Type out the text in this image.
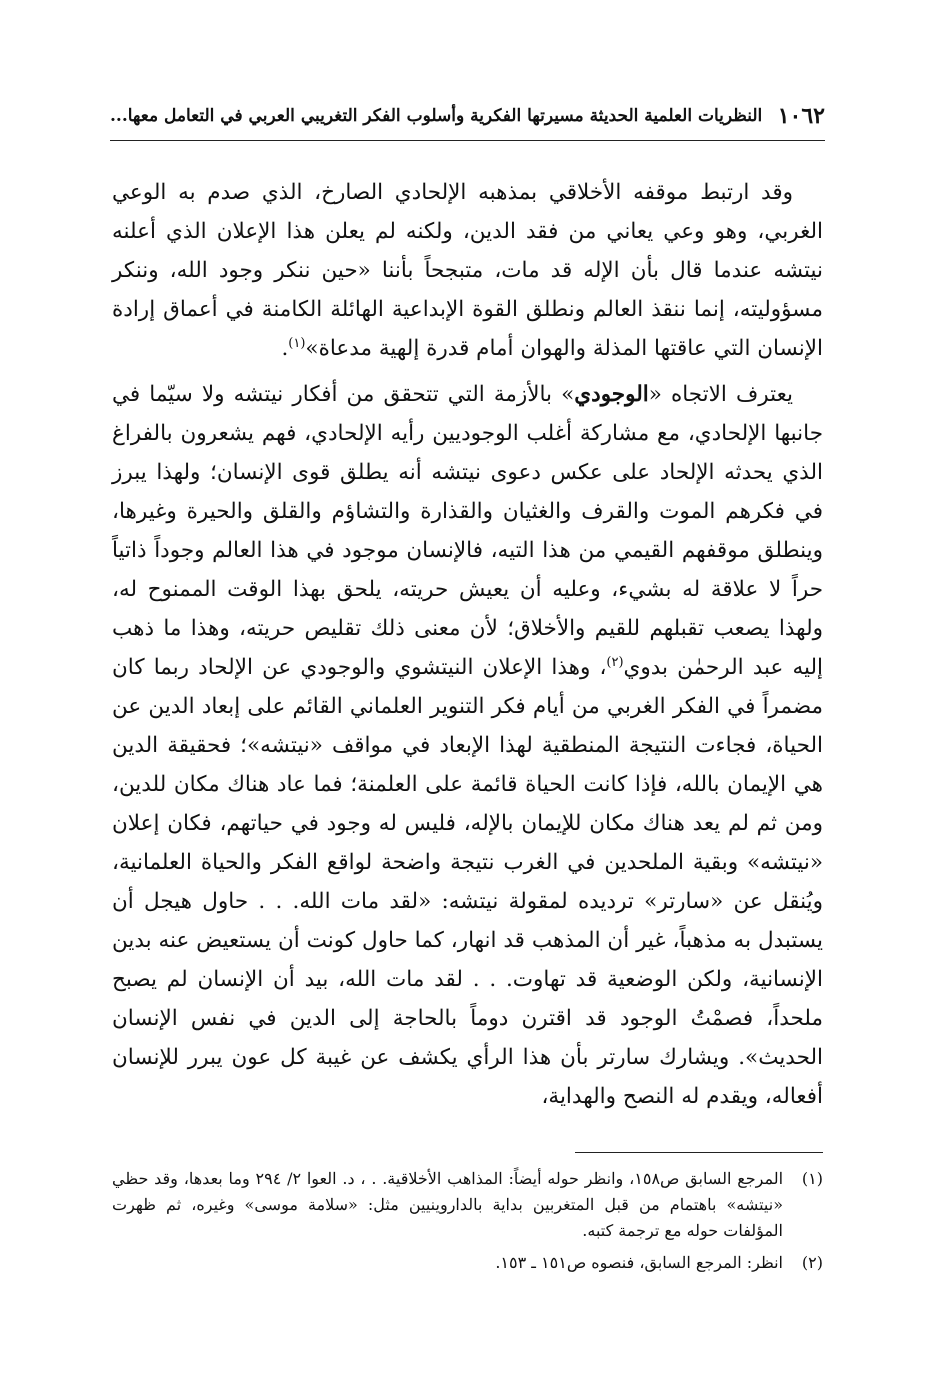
١٠٦٢
النظريات العلمية الحديثة مسيرتها الفكرية وأسلوب الفكر التغريبي العربي في التعامل معها...

وقد ارتبط موقفه الأخلاقي بمذهبه الإلحادي الصارخ، الذي صدم به الوعي الغربي، وهو وعي يعاني من فقد الدين، ولكنه لم يعلن هذا الإعلان الذي أعلنه نيتشه عندما قال بأن الإله قد مات، متبجحاً بأننا «حين ننكر وجود الله، وننكر مسؤوليته، إنما ننقذ العالم ونطلق القوة الإبداعية الهائلة الكامنة في أعماق إرادة الإنسان التي عاقتها المذلة والهوان أمام قدرة إلهية مدعاة»$^{(١)}$.

يعترف الاتجاه «الوجودي» بالأزمة التي تتحقق من أفكار نيتشه ولا سيّما في جانبها الإلحادي، مع مشاركة أغلب الوجوديين رأيه الإلحادي، فهم يشعرون بالفراغ الذي يحدثه الإلحاد على عكس دعوى نيتشه أنه يطلق قوى الإنسان؛ ولهذا يبرز في فكرهم الموت والقرف والغثيان والقذارة والتشاؤم والقلق والحيرة وغيرها، وينطلق موقفهم القيمي من هذا التيه، فالإنسان موجود في هذا العالم وجوداً ذاتياً حراً لا علاقة له بشيء، وعليه أن يعيش حريته، يلحق بهذا الوقت الممنوح له، ولهذا يصعب تقبلهم للقيم والأخلاق؛ لأن معنى ذلك تقليص حريته، وهذا ما ذهب إليه عبد الرحمٰن بدوي$^{(٢)}$، وهذا الإعلان النيتشوي والوجودي عن الإلحاد ربما كان مضمراً في الفكر الغربي من أيام فكر التنوير العلماني القائم على إبعاد الدين عن الحياة، فجاءت النتيجة المنطقية لهذا الإبعاد في مواقف «نيتشه»؛ فحقيقة الدين هي الإيمان بالله، فإذا كانت الحياة قائمة على العلمنة؛ فما عاد هناك مكان للدين، ومن ثم لم يعد هناك مكان للإيمان بالإله، فليس له وجود في حياتهم، فكان إعلان «نيتشه» وبقية الملحدين في الغرب نتيجة واضحة لواقع الفكر والحياة العلمانية، ويُنقل عن «سارتر» ترديده لمقولة نيتشه: «لقد مات الله. . . حاول هيجل أن يستبدل به مذهباً، غير أن المذهب قد انهار، كما حاول كونت أن يستعيض عنه بدين الإنسانية، ولكن الوضعية قد تهاوت. . . لقد مات الله، بيد أن الإنسان لم يصبح ملحداً، فصمْتُ الوجود قد اقترن دوماً بالحاجة إلى الدين في نفس الإنسان الحديث». ويشارك سارتر بأن هذا الرأي يكشف عن غيبة كل عون يبرر للإنسان أفعاله، ويقدم له النصح والهداية،

(١)
المرجع السابق ص١٥٨، وانظر حوله أيضاً: المذاهب الأخلاقية. . ، د. العوا ٢/ ٢٩٤ وما بعدها، وقد حظي «نيتشه» باهتمام من قبل المتغربين بداية بالداروينيين مثل: «سلامة موسى» وغيره، ثم ظهرت المؤلفات حوله مع ترجمة كتبه.
(٢)
انظر: المرجع السابق، فنصوه ص١٥١ ـ ١٥٣.
